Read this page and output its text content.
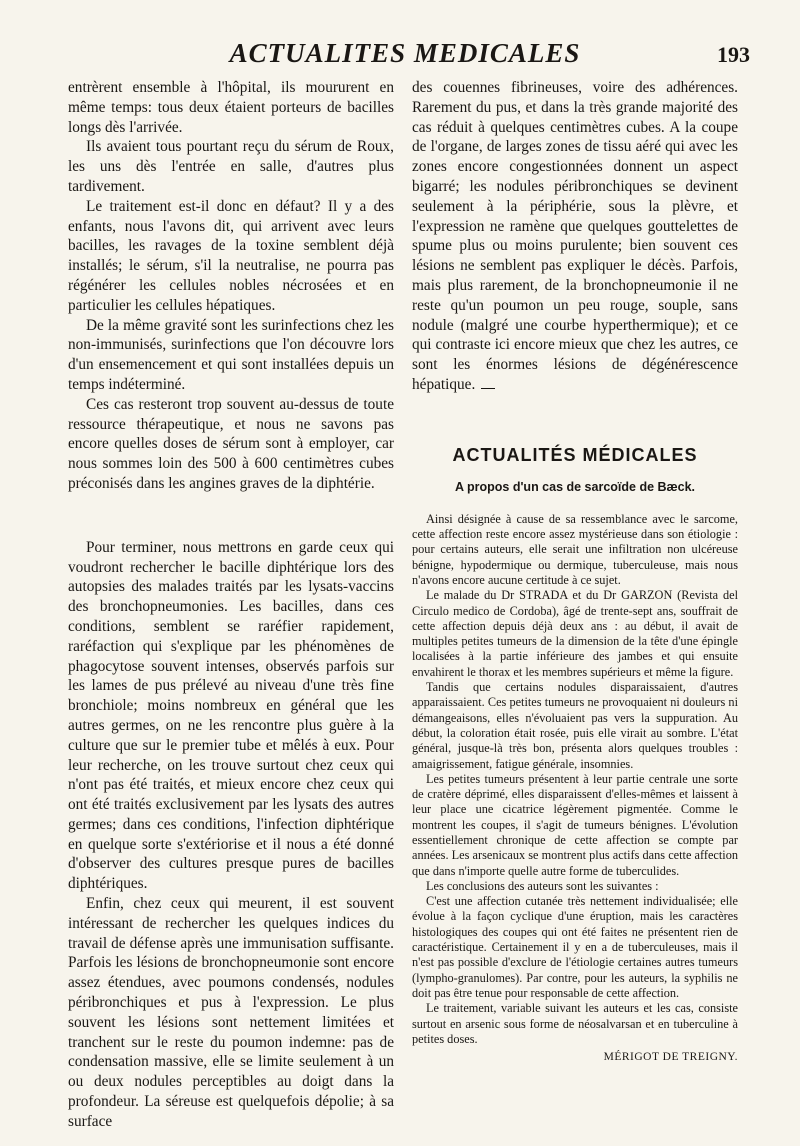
ACTUALITES MEDICALES	193

entrèrent ensemble à l'hôpital, ils moururent en même temps: tous deux étaient porteurs de bacilles longs dès l'arrivée.

Ils avaient tous pourtant reçu du sérum de Roux, les uns dès l'entrée en salle, d'autres plus tardivement.

Le traitement est-il donc en défaut? Il y a des enfants, nous l'avons dit, qui arrivent avec leurs bacilles, les ravages de la toxine semblent déjà installés; le sérum, s'il la neutralise, ne pourra pas régénérer les cellules nobles nécrosées et en particulier les cellules hépatiques.

De la même gravité sont les surinfections chez les non-immunisés, surinfections que l'on découvre lors d'un ensemencement et qui sont installées depuis un temps indéterminé.

Ces cas resteront trop souvent au-dessus de toute ressource thérapeutique, et nous ne savons pas encore quelles doses de sérum sont à employer, car nous sommes loin des 500 à 600 centimètres cubes préconisés dans les angines graves de la diphtérie.

Pour terminer, nous mettrons en garde ceux qui voudront rechercher le bacille diphtérique lors des autopsies des malades traités par les lysats-vaccins des bronchopneumonies. Les bacilles, dans ces conditions, semblent se raréfier rapidement, raréfaction qui s'explique par les phénomènes de phagocytose souvent intenses, observés parfois sur les lames de pus prélevé au niveau d'une très fine bronchiole; moins nombreux en général que les autres germes, on ne les rencontre plus guère à la culture que sur le premier tube et mêlés à eux. Pour leur recherche, on les trouve surtout chez ceux qui n'ont pas été traités, et mieux encore chez ceux qui ont été traités exclusivement par les lysats des autres germes; dans ces conditions, l'infection diphtérique en quelque sorte s'extériorise et il nous a été donné d'observer des cultures presque pures de bacilles diphtériques.

Enfin, chez ceux qui meurent, il est souvent intéressant de rechercher les quelques indices du travail de défense après une immunisation suffisante. Parfois les lésions de bronchopneumonie sont encore assez étendues, avec poumons condensés, nodules péribronchiques et pus à l'expression. Le plus souvent les lésions sont nettement limitées et tranchent sur le reste du poumon indemne: pas de condensation massive, elle se limite seulement à un ou deux nodules perceptibles au doigt dans la profondeur. La séreuse est quelquefois dépolie; à sa surface

des couennes fibrineuses, voire des adhérences. Rarement du pus, et dans la très grande majorité des cas réduit à quelques centimètres cubes. A la coupe de l'organe, de larges zones de tissu aéré qui avec les zones encore congestionnées donnent un aspect bigarré; les nodules péribronchiques se devinent seulement à la périphérie, sous la plèvre, et l'expression ne ramène que quelques gouttelettes de spume plus ou moins purulente; bien souvent ces lésions ne semblent pas expliquer le décès. Parfois, mais plus rarement, de la bronchopneumonie il ne reste qu'un poumon un peu rouge, souple, sans nodule (malgré une courbe hyperthermique); et ce qui contraste ici encore mieux que chez les autres, ce sont les énormes lésions de dégénérescence hépatique.

ACTUALITÉS MÉDICALES
A propos d'un cas de sarcoïde de Bæck.

Ainsi désignée à cause de sa ressemblance avec le sarcome, cette affection reste encore assez mystérieuse dans son étiologie : pour certains auteurs, elle serait une infiltration non ulcéreuse bénigne, hypodermique ou dermique, tuberculeuse, mais nous n'avons encore aucune certitude à ce sujet.

Le malade du Dr STRADA et du Dr GARZON (Revista del Circulo medico de Cordoba), âgé de trente-sept ans, souffrait de cette affection depuis déjà deux ans : au début, il avait de multiples petites tumeurs de la dimension de la tête d'une épingle localisées à la partie inférieure des jambes et qui ensuite envahirent le thorax et les membres supérieurs et même la figure.

Tandis que certains nodules disparaissaient, d'autres apparaissaient. Ces petites tumeurs ne provoquaient ni douleurs ni démangeaisons, elles n'évoluaient pas vers la suppuration. Au début, la coloration était rosée, puis elle virait au sombre. L'état général, jusque-là très bon, présenta alors quelques troubles : amaigrissement, fatigue générale, insomnies.

Les petites tumeurs présentent à leur partie centrale une sorte de cratère déprimé, elles disparaissent d'elles-mêmes et laissent à leur place une cicatrice légèrement pigmentée. Comme le montrent les coupes, il s'agit de tumeurs bénignes. L'évolution essentiellement chronique de cette affection se compte par années. Les arsenicaux se montrent plus actifs dans cette affection que dans n'importe quelle autre forme de tuberculides.

Les conclusions des auteurs sont les suivantes :

C'est une affection cutanée très nettement individualisée; elle évolue à la façon cyclique d'une éruption, mais les caractères histologiques des coupes qui ont été faites ne présentent rien de caractéristique. Certainement il y en a de tuberculeuses, mais il n'est pas possible d'exclure de l'étiologie certaines autres tumeurs (lympho-granulomes). Par contre, pour les auteurs, la syphilis ne doit pas être tenue pour responsable de cette affection.

Le traitement, variable suivant les auteurs et les cas, consiste surtout en arsenic sous forme de néosalvarsan et en tuberculine à petites doses.

MÉRIGOT DE TREIGNY.
